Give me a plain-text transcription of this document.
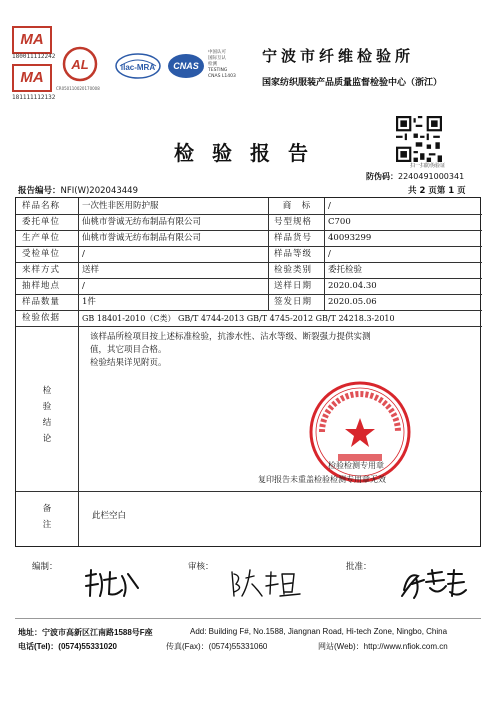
MA
180011112242
MA
181111112132
AL
CR050110020170008
ilac-MRA CNAS
中国认可
国际互认
检测
TESTING
CNAS L1403
宁波市纤维检验所
国家纺织服装产品质量监督检验中心（浙江）
扫一扫防伪验证
检验报告
防伪码：2240491000341
报告编号：NFI(W)202043449	共 2 页第 1 页
样品名称	一次性非医用防护服	商　标	/
委托单位	仙桃市誉诚无纺布制品有限公司	号型规格	C700
生产单位	仙桃市誉诚无纺布制品有限公司	样品货号	40093299
受检单位	/	样品等级	/
来样方式	送样	检验类别	委托检验
抽样地点	/	送样日期	2020.04.30
样品数量	1件	签发日期	2020.05.06
检验依据	GB 18401-2010（C类） GB/T 4744-2013 GB/T 4745-2012 GB/T 24218.3-2010
检
验
结
论
该样品所检项目按上述标准检验，抗渗水性、沾水等级、断裂强力提供实测
值，其它项目合格。
检验结果详见附页。
备
注
检验检测专用章
复印报告未重盖检验检测专用章无效
此栏空白
编制：	审核：	批准：
地址：宁波市高新区江南路1588号F座	Add: Building F#, No.1588, Jiangnan Road, Hi-tech Zone, Ningbo, China
电话(Tel)：(0574)55331020	传真(Fax)：(0574)55331060	网站(Web)：http://www.nfiok.com.cn
